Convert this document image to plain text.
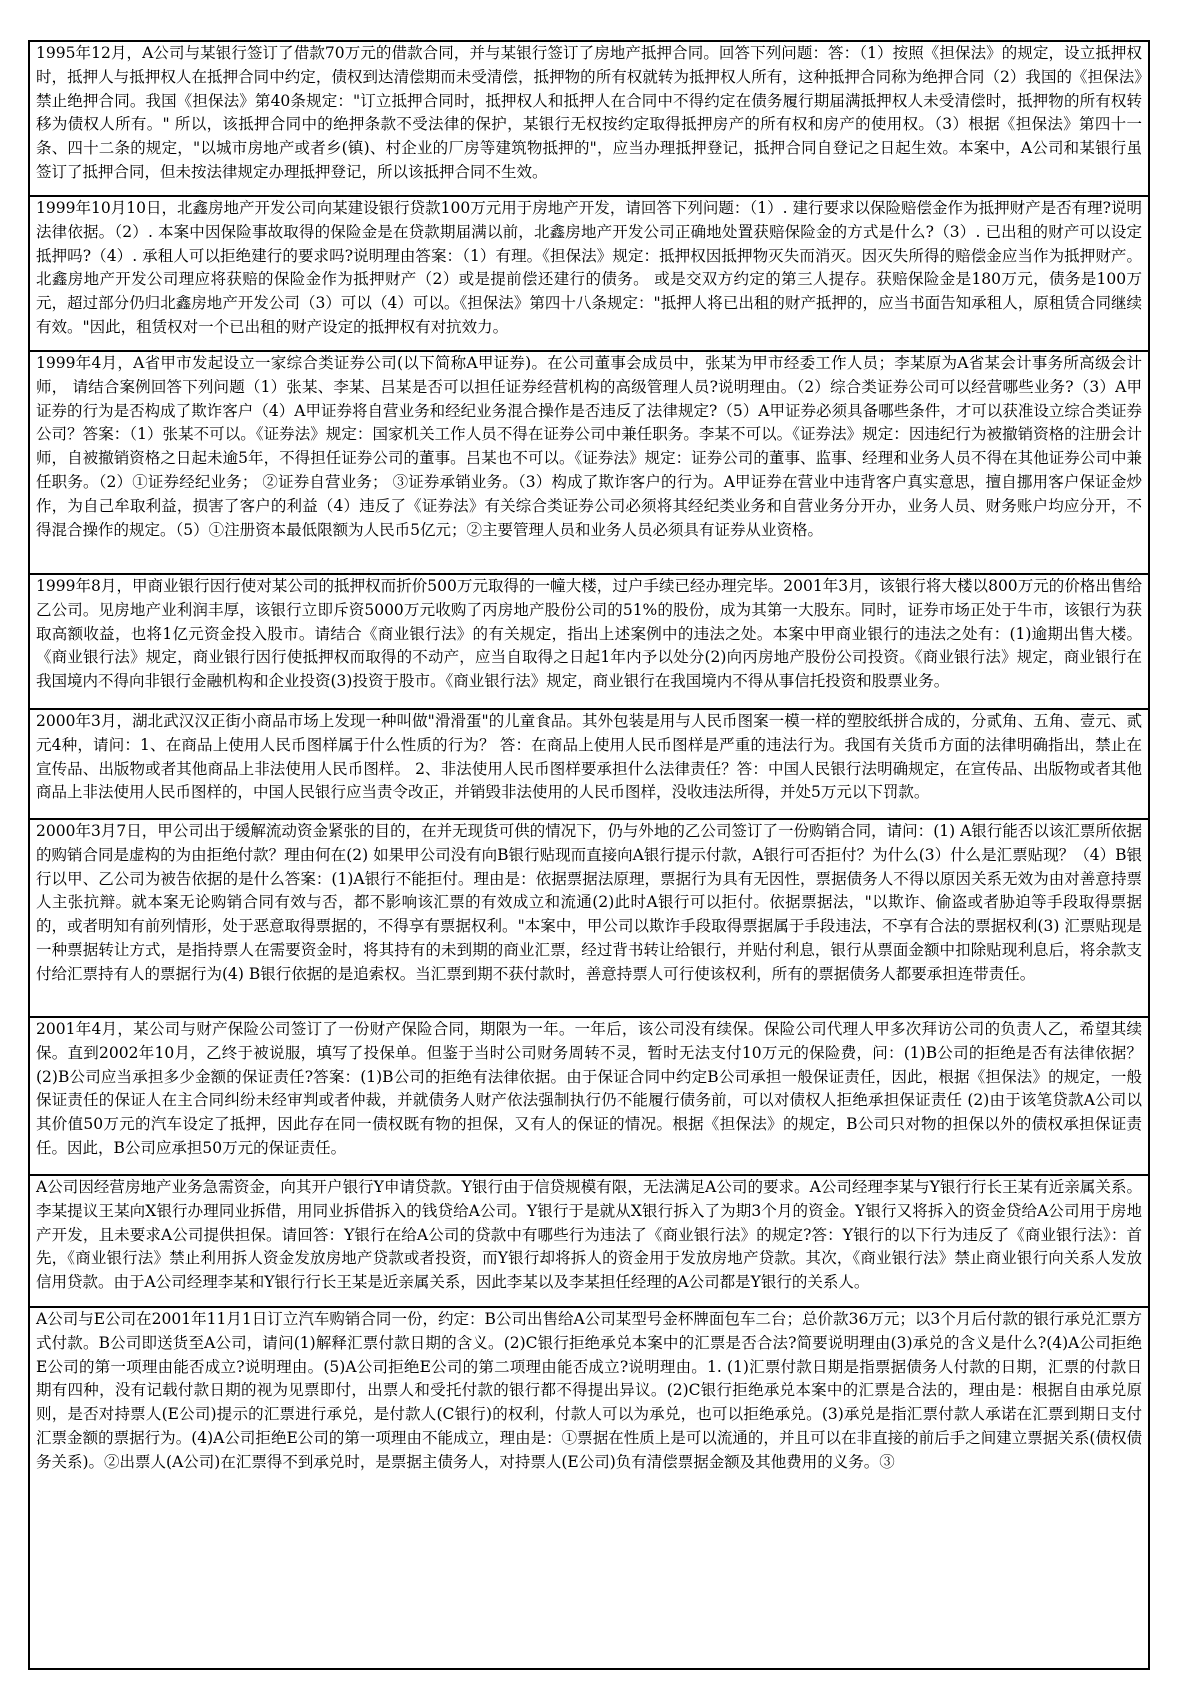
1995年12月，A公司与某银行签订了借款70万元的借款合同，并与某银行签订了房地产抵押合同。回答下列问题：答：（1）按照《担保法》的规定，设立抵押权时，抵押人与抵押权人在抵押合同中约定，债权到达清偿期而未受清偿，抵押物的所有权就转为抵押权人所有，这种抵押合同称为绝押合同（2）我国的《担保法》禁止绝押合同。我国《担保法》第40条规定："订立抵押合同时，抵押权人和抵押人在合同中不得约定在债务履行期届满抵押权人未受清偿时，抵押物的所有权转移为债权人所有。" 所以，该抵押合同中的绝押条款不受法律的保护，某银行无权按约定取得抵押房产的所有权和房产的使用权。（3）根据《担保法》第四十一条、四十二条的规定，"以城市房地产或者乡(镇)、村企业的厂房等建筑物抵押的"，应当办理抵押登记，抵押合同自登记之日起生效。本案中，A公司和某银行虽签订了抵押合同，但未按法律规定办理抵押登记，所以该抵押合同不生效。
1999年10月10日，北鑫房地产开发公司向某建设银行贷款100万元用于房地产开发，请回答下列问题：（1）. 建行要求以保险赔偿金作为抵押财产是否有理?说明法律依据。（2）. 本案中因保险事故取得的保险金是在贷款期届满以前，北鑫房地产开发公司正确地处置获赔保险金的方式是什么?（3）. 已出租的财产可以设定抵押吗?（4）. 承租人可以拒绝建行的要求吗?说明理由答案：（1）有理。《担保法》规定：抵押权因抵押物灭失而消灭。因灭失所得的赔偿金应当作为抵押财产。北鑫房地产开发公司理应将获赔的保险金作为抵押财产（2）或是提前偿还建行的债务。 或是交双方约定的第三人提存。获赔保险金是180万元，债务是100万元，超过部分仍归北鑫房地产开发公司（3）可以（4）可以。《担保法》第四十八条规定："抵押人将已出租的财产抵押的，应当书面告知承租人，原租赁合同继续有效。"因此，租赁权对一个已出租的财产设定的抵押权有对抗效力。
1999年4月，A省甲市发起设立一家综合类证券公司(以下简称A甲证券)。在公司董事会成员中，张某为甲市经委工作人员；李某原为A省某会计事务所高级会计师， 请结合案例回答下列问题（1）张某、李某、吕某是否可以担任证券经营机构的高级管理人员?说明理由。（2）综合类证券公司可以经营哪些业务?（3）A甲证券的行为是否构成了欺诈客户（4）A甲证券将自营业务和经纪业务混合操作是否违反了法律规定?（5）A甲证券必须具备哪些条件，才可以获准设立综合类证券公司？答案：（1）张某不可以。《证券法》规定：国家机关工作人员不得在证券公司中兼任职务。李某不可以。《证券法》规定：因违纪行为被撤销资格的注册会计师，自被撤销资格之日起未逾5年，不得担任证券公司的董事。吕某也不可以。《证券法》规定：证券公司的董事、监事、经理和业务人员不得在其他证券公司中兼任职务。（2）①证券经纪业务； ②证券自营业务； ③证券承销业务。（3）构成了欺诈客户的行为。A甲证券在营业中违背客户真实意思，擅自挪用客户保证金炒作，为自己牟取利益，损害了客户的利益（4）违反了《证券法》有关综合类证券公司必须将其经纪类业务和自营业务分开办，业务人员、财务账户均应分开，不得混合操作的规定。（5）①注册资本最低限额为人民币5亿元；②主要管理人员和业务人员必须具有证券从业资格。
1999年8月，甲商业银行因行使对某公司的抵押权而折价500万元取得的一幢大楼，过户手续已经办理完毕。2001年3月，该银行将大楼以800万元的价格出售给乙公司。见房地产业利润丰厚，该银行立即斥资5000万元收购了丙房地产股份公司的51%的股份，成为其第一大股东。同时，证券市场正处于牛市，该银行为获取高额收益，也将1亿元资金投入股市。请结合《商业银行法》的有关规定，指出上述案例中的违法之处。本案中甲商业银行的违法之处有：(1)逾期出售大楼。《商业银行法》规定，商业银行因行使抵押权而取得的不动产，应当自取得之日起1年内予以处分(2)向丙房地产股份公司投资。《商业银行法》规定，商业银行在我国境内不得向非银行金融机构和企业投资(3)投资于股市。《商业银行法》规定，商业银行在我国境内不得从事信托投资和股票业务。
2000年3月，湖北武汉汉正街小商品市场上发现一种叫做"滑滑蛋"的儿童食品。其外包装是用与人民币图案一模一样的塑胶纸拼合成的，分贰角、五角、壹元、贰元4种，请问：1、在商品上使用人民币图样属于什么性质的行为？ 答：在商品上使用人民币图样是严重的违法行为。我国有关货币方面的法律明确指出，禁止在宣传品、出版物或者其他商品上非法使用人民币图样。 2、非法使用人民币图样要承担什么法律责任？答：中国人民银行法明确规定，在宣传品、出版物或者其他商品上非法使用人民币图样的，中国人民银行应当责令改正，并销毁非法使用的人民币图样，没收违法所得，并处5万元以下罚款。
2000年3月7日，甲公司出于缓解流动资金紧张的目的，在并无现货可供的情况下，仍与外地的乙公司签订了一份购销合同，请问：(1) A银行能否以该汇票所依据的购销合同是虚构的为由拒绝付款？理由何在(2) 如果甲公司没有向B银行贴现而直接向A银行提示付款，A银行可否拒付？为什么(3）什么是汇票贴现？（4）B银行以甲、乙公司为被告依据的是什么答案：(1)A银行不能拒付。理由是：依据票据法原理，票据行为具有无因性，票据债务人不得以原因关系无效为由对善意持票人主张抗辩。就本案无论购销合同有效与否，都不影响该汇票的有效成立和流通(2)此时A银行可以拒付。依据票据法，"以欺诈、偷盗或者胁迫等手段取得票据的，或者明知有前列情形，处于恶意取得票据的，不得享有票据权利。"本案中，甲公司以欺诈手段取得票据属于手段违法，不享有合法的票据权利(3) 汇票贴现是一种票据转让方式，是指持票人在需要资金时，将其持有的未到期的商业汇票，经过背书转让给银行，并贴付利息，银行从票面金额中扣除贴现利息后，将余款支付给汇票持有人的票据行为(4) B银行依据的是追索权。当汇票到期不获付款时，善意持票人可行使该权利，所有的票据债务人都要承担连带责任。
2001年4月，某公司与财产保险公司签订了一份财产保险合同，期限为一年。一年后，该公司没有续保。保险公司代理人甲多次拜访公司的负责人乙，希望其续保。直到2002年10月，乙终于被说服，填写了投保单。但鉴于当时公司财务周转不灵，暂时无法支付10万元的保险费，问：(1)B公司的拒绝是否有法律依据？(2)B公司应当承担多少金额的保证责任?答案：(1)B公司的拒绝有法律依据。由于保证合同中约定B公司承担一般保证责任，因此，根据《担保法》的规定，一般保证责任的保证人在主合同纠纷未经审判或者仲裁，并就债务人财产依法强制执行仍不能履行债务前，可以对债权人拒绝承担保证责任 (2)由于该笔贷款A公司以其价值50万元的汽车设定了抵押，因此存在同一债权既有物的担保，又有人的保证的情况。根据《担保法》的规定，B公司只对物的担保以外的债权承担保证责任。因此，B公司应承担50万元的保证责任。
A公司因经营房地产业务急需资金，向其开户银行Y申请贷款。Y银行由于信贷规模有限，无法满足A公司的要求。A公司经理李某与Y银行行长王某有近亲属关系。李某提议王某向X银行办理同业拆借，用同业拆借拆入的钱贷给A公司。Y银行于是就从X银行拆入了为期3个月的资金。Y银行又将拆入的资金贷给A公司用于房地产开发，且未要求A公司提供担保。请回答：Y银行在给A公司的贷款中有哪些行为违法了《商业银行法》的规定?答：Y银行的以下行为违反了《商业银行法》：首先，《商业银行法》禁止利用拆人资金发放房地产贷款或者投资，而Y银行却将拆人的资金用于发放房地产贷款。其次，《商业银行法》禁止商业银行向关系人发放信用贷款。由于A公司经理李某和Y银行行长王某是近亲属关系，因此李某以及李某担任经理的A公司都是Y银行的关系人。
A公司与E公司在2001年11月1日订立汽车购销合同一份，约定：B公司出售给A公司某型号金杯牌面包车二台；总价款36万元；以3个月后付款的银行承兑汇票方式付款。B公司即送货至A公司，请问(1)解释汇票付款日期的含义。(2)C银行拒绝承兑本案中的汇票是否合法?简要说明理由(3)承兑的含义是什么?(4)A公司拒绝E公司的第一项理由能否成立?说明理由。(5)A公司拒绝E公司的第二项理由能否成立?说明理由。1. (1)汇票付款日期是指票据债务人付款的日期，汇票的付款日期有四种，没有记载付款日期的视为见票即付，出票人和受托付款的银行都不得提出异议。(2)C银行拒绝承兑本案中的汇票是合法的，理由是：根据自由承兑原则，是否对持票人(E公司)提示的汇票进行承兑，是付款人(C银行)的权利，付款人可以为承兑，也可以拒绝承兑。(3)承兑是指汇票付款人承诺在汇票到期日支付汇票金额的票据行为。(4)A公司拒绝E公司的第一项理由不能成立，理由是：①票据在性质上是可以流通的，并且可以在非直接的前后手之间建立票据关系(债权债务关系)。②出票人(A公司)在汇票得不到承兑时，是票据主债务人，对持票人(E公司)负有清偿票据金额及其他费用的义务。③
